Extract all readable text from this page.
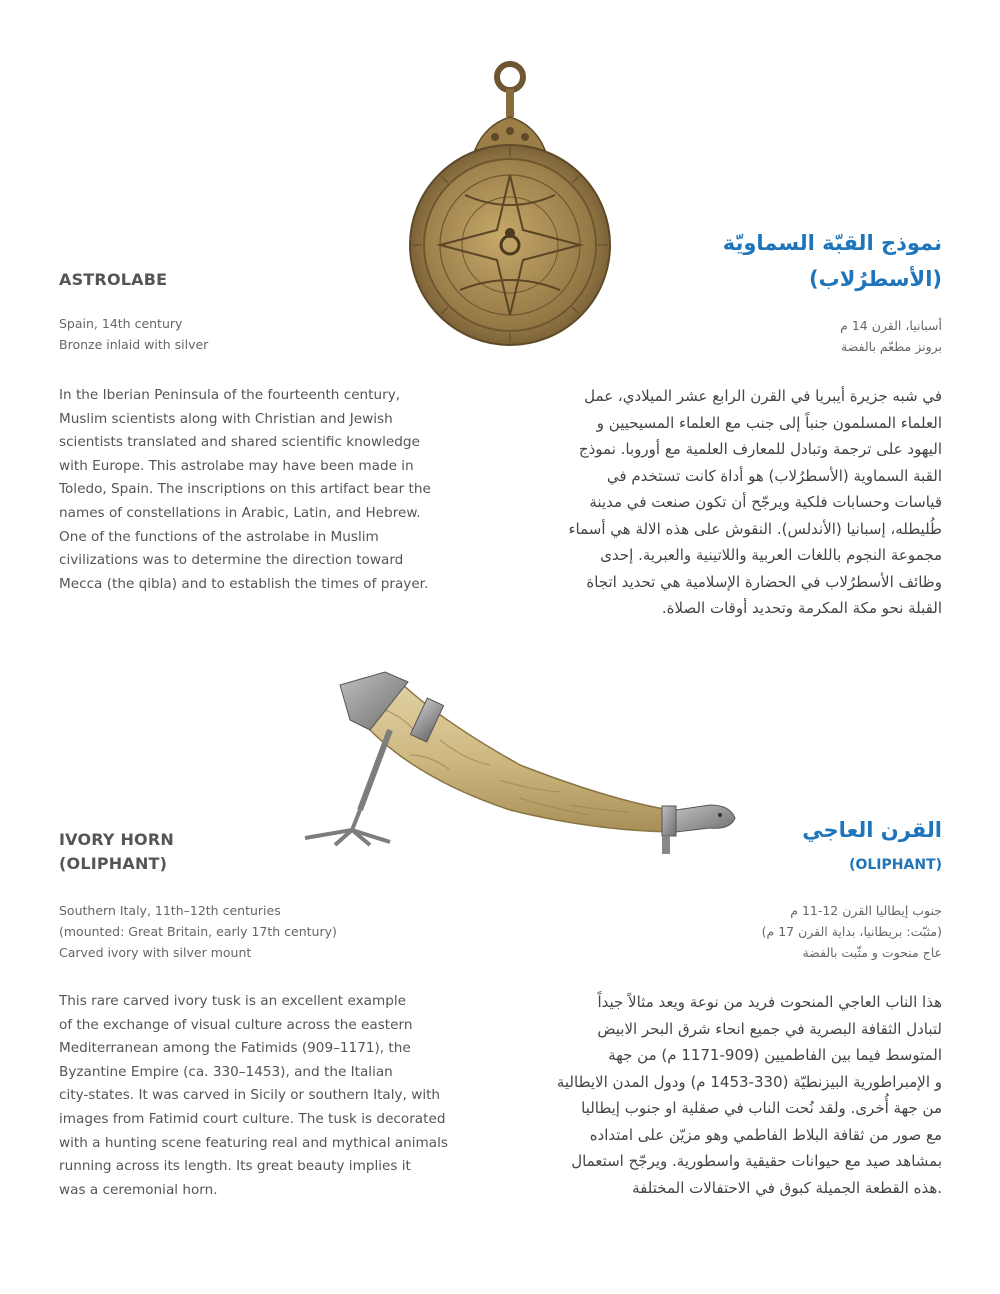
ASTROLABE
Spain, 14th century
Bronze inlaid with silver
In the Iberian Peninsula of the fourteenth century,
Muslim scientists along with Christian and Jewish
scientists translated and shared scientific knowledge
with Europe. This astrolabe may have been made in
Toledo, Spain. The inscriptions on this artifact bear the
names of constellations in Arabic, Latin, and Hebrew.
One of the functions of the astrolabe in Muslim
civilizations was to determine the direction toward
Mecca (the qibla) and to establish the times of prayer.
نموذج القبّة السماويّة
(الأسطرُلاب)
أسبانيا، القرن 14 م
برونز مطعّم بالفضة
في شبه جزيرة أيبريا في القرن الرابع عشر الميلادي، عمل
العلماء المسلمون جنباً إلى جنب مع العلماء المسيحيين و
اليهود على ترجمة وتبادل للمعارف العلمية مع أوروبا. نموذج
القبة السماوية (الأسطرُلاب) هو أداة كانت تستخدم في
قياسات وحسابات فلكية ويرجّح أن تكون صنعت في مدينة
طُليطله، إسبانيا (الأندلس). النقوش على هذه الالة هي أسماء
مجموعة النجوم باللغات العربية واللاتينية والعبرية. إحدى
وظائف الأسطرُلاب في الحضارة الإسلامية هي تحديد اتجاة
القبلة نحو مكة المكرمة وتحديد أوقات الصلاة.
IVORY HORN
(OLIPHANT)
Southern Italy, 11th–12th centuries
(mounted: Great Britain, early 17th century)
Carved ivory with silver mount
This rare carved ivory tusk is an excellent example
of the exchange of visual culture across the eastern
Mediterranean among the Fatimids (909–1171), the
Byzantine Empire (ca. 330–1453), and the Italian
city-states. It was carved in Sicily or southern Italy, with
images from Fatimid court culture. The tusk is decorated
with a hunting scene featuring real and mythical animals
running across its length. Its great beauty implies it
was a ceremonial horn.
القرن العاجي
(OLIPHANT)
جنوب إيطاليا القرن 12-11 م
(مثبّت: بريطانيا، بداية القرن 17 م)
عاج منحوت و مثّبت بالفضة
هذا الناب العاجي المنحوت فريد من نوعة ويعد مثالاً جيداً
لتبادل الثقافة البصرية في جميع انحاء شرق البحر الابيض
المتوسط فيما بين الفاطميين (909-1171 م) من جهة
و الإمبراطورية البيزنطيّة (330-1453 م) ودول المدن الايطالية
من جهة أُخرى. ولقد نُحت الناب في صقلية او جنوب إيطاليا
مع صور من ثقافة البلاط الفاطمي وهو مزيّن على امتداده
بمشاهد صيد مع حيوانات حقيقية واسطورية. ويرجّح استعمال
.هذه القطعة الجميلة كبوق في الاحتفالات المختلفة
